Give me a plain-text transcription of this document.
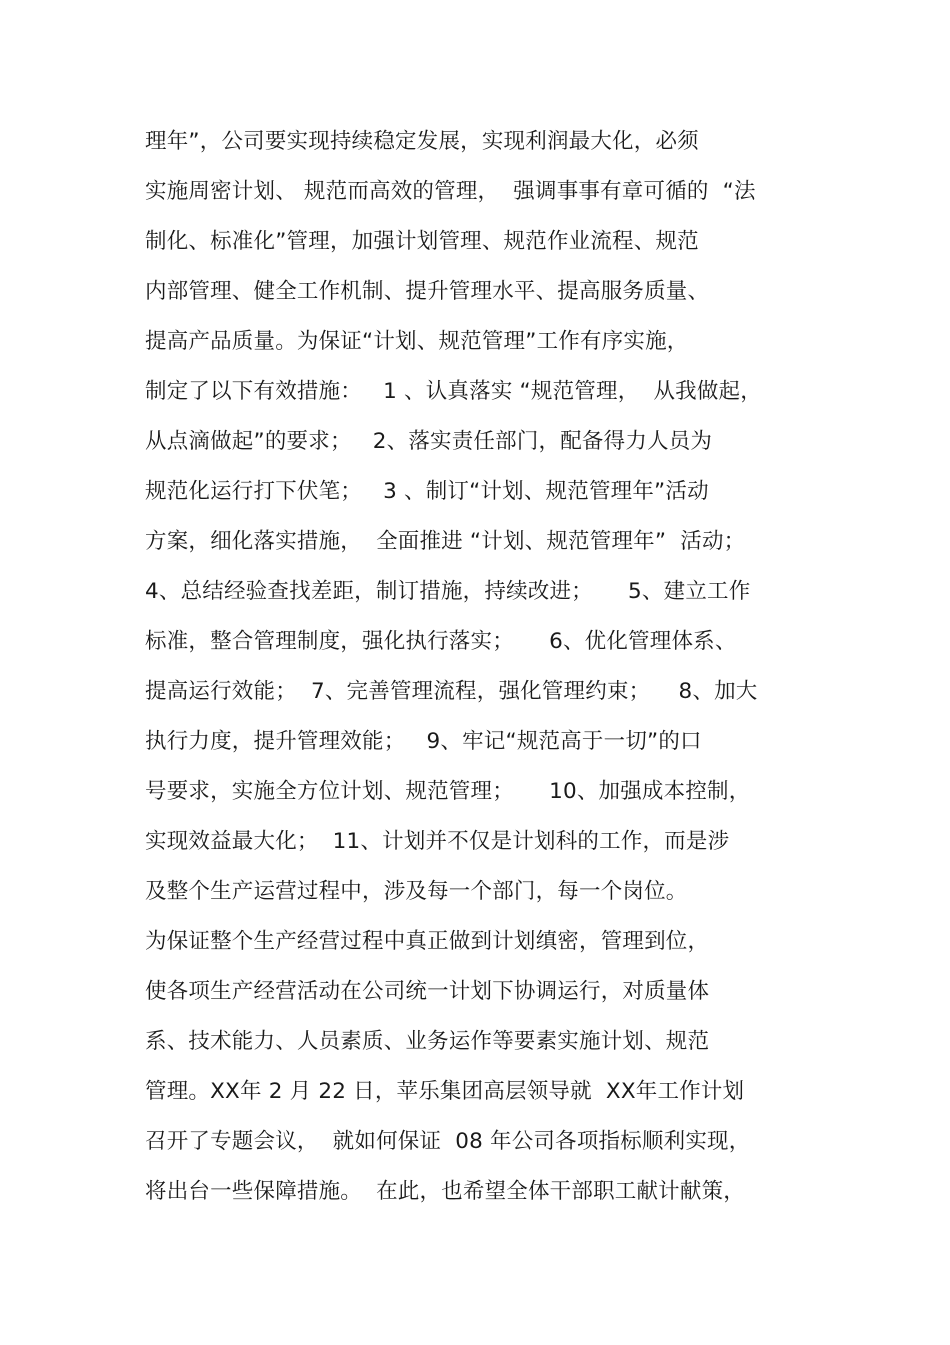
理年”，公司要实现持续稳定发展，实现利润最大化，必须
实施周密计划、 规范而高效的管理，  强调事事有章可循的  “法
制化、标准化”管理，加强计划管理、规范作业流程、规范
内部管理、健全工作机制、提升管理水平、提高服务质量、
提高产品质量。为保证“计划、规范管理”工作有序实施，
制定了以下有效措施：   1 、认真落实 “规范管理，  从我做起，
从点滴做起”的要求；   2、落实责任部门，配备得力人员为
规范化运行打下伏笔；   3 、制订“计划、规范管理年”活动
方案，细化落实措施，  全面推进 “计划、规范管理年”  活动；
4、总结经验查找差距，制订措施，持续改进；     5、建立工作
标准，整合管理制度，强化执行落实；     6、优化管理体系、
提高运行效能；  7、完善管理流程，强化管理约束；    8、加大
执行力度，提升管理效能；   9、牢记“规范高于一切”的口
号要求，实施全方位计划、规范管理；     10、加强成本控制，
实现效益最大化；  11、计划并不仅是计划科的工作，而是涉
及整个生产运营过程中，涉及每一个部门，每一个岗位。
为保证整个生产经营过程中真正做到计划缜密，管理到位，
使各项生产经营活动在公司统一计划下协调运行，对质量体
系、技术能力、人员素质、业务运作等要素实施计划、规范
管理。XX年 2 月 22 日，苹乐集团高层领导就  XX年工作计划
召开了专题会议，  就如何保证  08 年公司各项指标顺利实现，
将出台一些保障措施。  在此，也希望全体干部职工献计献策，
